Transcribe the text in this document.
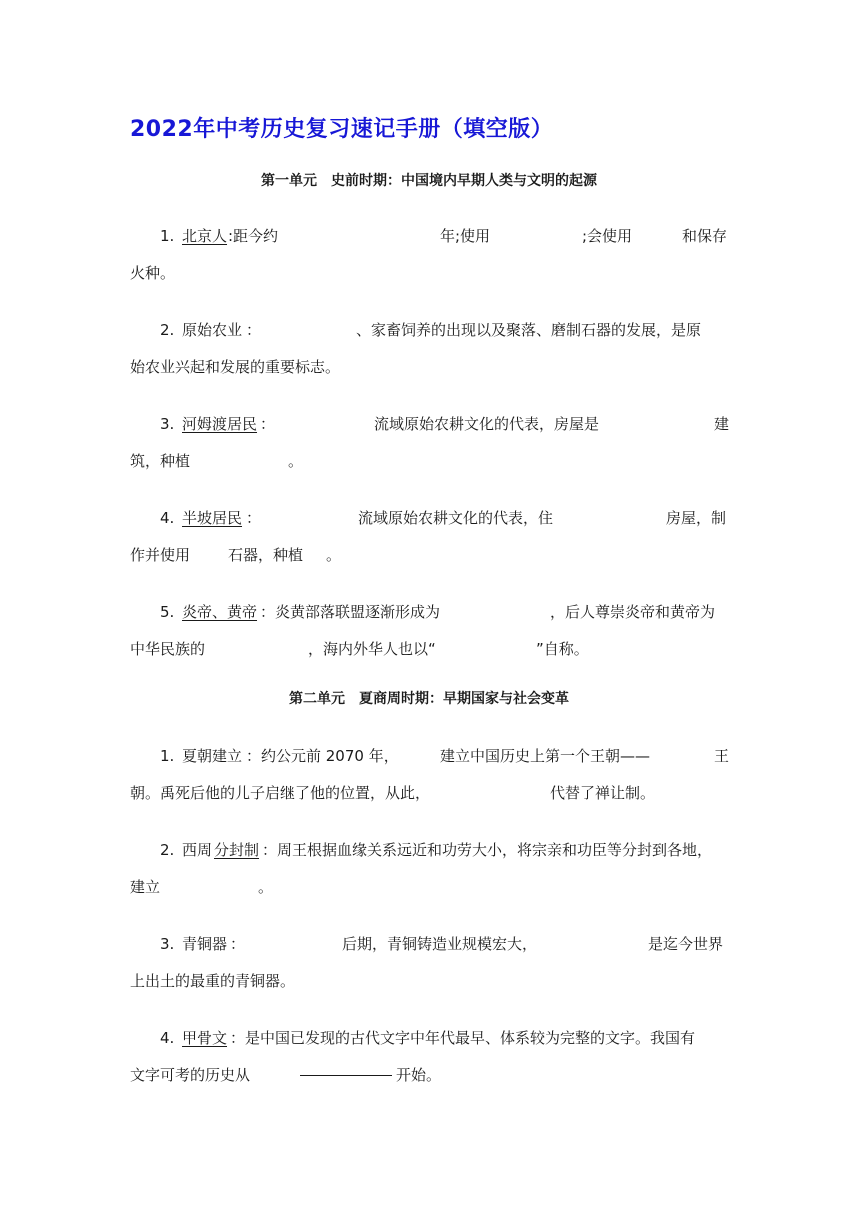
2022年中考历史复习速记手册（填空版）
第一单元　史前时期：中国境内早期人类与文明的起源
1. 北京人 :距今约	年;使用	;会使用	和保存
火种。
2. 原始农业 ：	、家畜饲养的出现以及聚落、磨制石器的发展，是原
始农业兴起和发展的重要标志。
3. 河姆渡居民 ：	流域原始农耕文化的代表，房屋是	建
筑，种植	。
4. 半坡居民 ：	流域原始农耕文化的代表，住	房屋，制
作并使用	石器，种植 。
5. 炎帝、黄帝 ：炎黄部落联盟逐渐形成为	，后人尊崇炎帝和黄帝为
中华民族的	，海内外华人也以“	”自称。
第二单元　夏商周时期：早期国家与社会变革
1. 夏朝建立 ：约公元前 2070 年，	建立中国历史上第一个王朝——	王
朝。禹死后他的儿子启继了他的位置，从此，	代替了禅让制。
2. 西周 分封制 ：周王根据血缘关系远近和功劳大小，将宗亲和功臣等分封到各地，
建立	。
3. 青铜器 ：	后期，青铜铸造业规模宏大，	是迄今世界
上出土的最重的青铜器。
4. 甲骨文 ：是中国已发现的古代文字中年代最早、体系较为完整的文字。我国有
文字可考的历史从	开始。
